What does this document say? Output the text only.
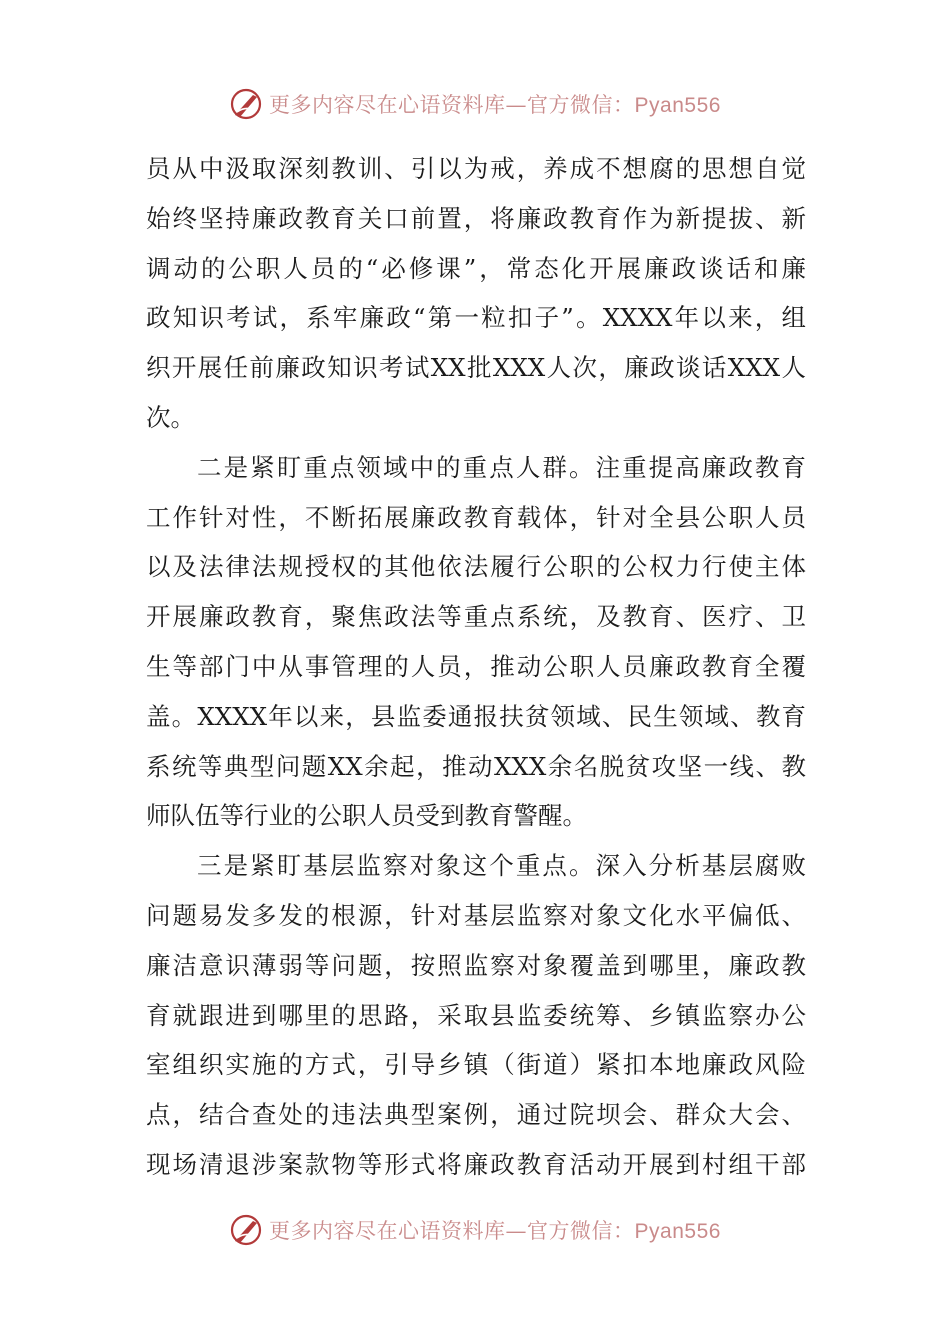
更多内容尽在心语资料库—官方微信：Pyan556
员从中汲取深刻教训、引以为戒，养成不想腐的思想自觉
始终坚持廉政教育关口前置，将廉政教育作为新提拔、新
调动的公职人员的“必修课”，常态化开展廉政谈话和廉
政知识考试，系牢廉政“第一粒扣子”。XXXX年以来，组
织开展任前廉政知识考试XX批XXX人次，廉政谈话XXX人
次。
二是紧盯重点领域中的重点人群。注重提高廉政教育
工作针对性，不断拓展廉政教育载体，针对全县公职人员
以及法律法规授权的其他依法履行公职的公权力行使主体
开展廉政教育，聚焦政法等重点系统，及教育、医疗、卫
生等部门中从事管理的人员，推动公职人员廉政教育全覆
盖。XXXX年以来，县监委通报扶贫领域、民生领域、教育
系统等典型问题XX余起，推动XXX余名脱贫攻坚一线、教
师队伍等行业的公职人员受到教育警醒。
三是紧盯基层监察对象这个重点。深入分析基层腐败
问题易发多发的根源，针对基层监察对象文化水平偏低、
廉洁意识薄弱等问题，按照监察对象覆盖到哪里，廉政教
育就跟进到哪里的思路，采取县监委统筹、乡镇监察办公
室组织实施的方式，引导乡镇（街道）紧扣本地廉政风险
点，结合查处的违法典型案例，通过院坝会、群众大会、
现场清退涉案款物等形式将廉政教育活动开展到村组干部
更多内容尽在心语资料库—官方微信：Pyan556
